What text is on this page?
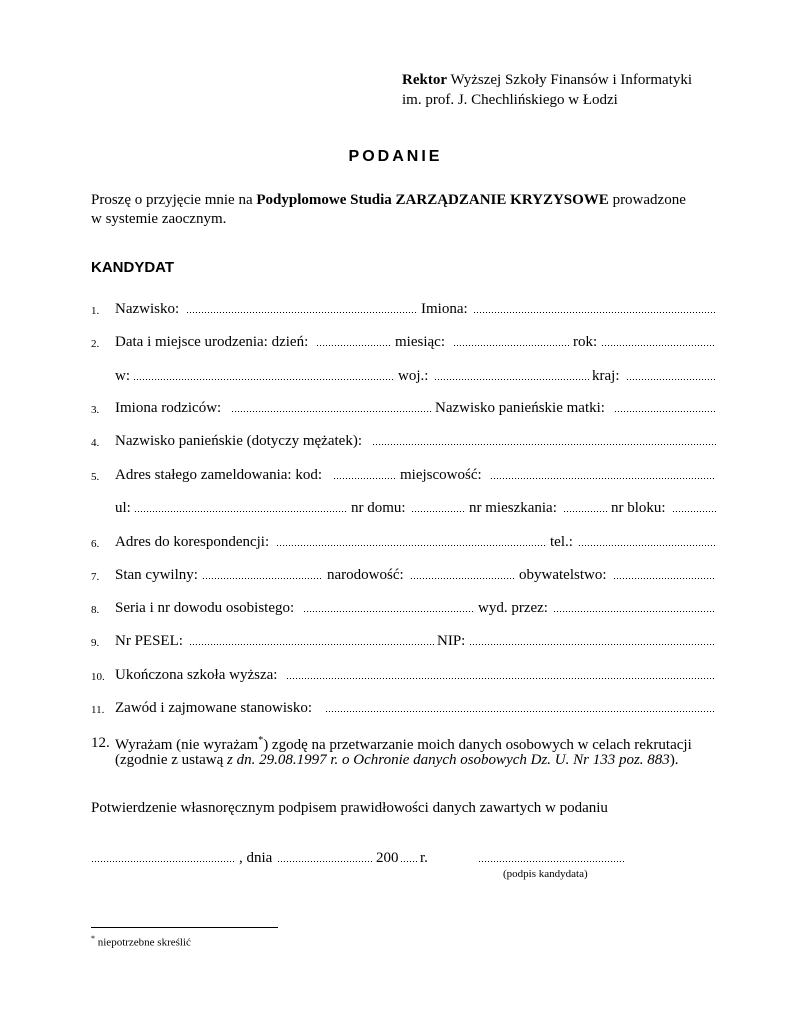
Rektor Wyższej Szkoły Finansów i Informatyki
im. prof. J. Chechlińskiego w Łodzi
PODANIE
Proszę o przyjęcie mnie na Podyplomowe Studia ZARZĄDZANIE KRYZYSOWE prowadzone
w systemie zaocznym.
KANDYDAT
1. Nazwisko:	Imiona:
2. Data i miejsce urodzenia: dzień:	miesiąc:	rok:
w:	woj.:	kraj:
3. Imiona rodziców:	Nazwisko panieńskie matki:
4. Nazwisko panieńskie (dotyczy mężatek):
5. Adres stałego zameldowania: kod:	miejscowość:
ul:	nr domu:	nr mieszkania:	nr bloku:
6. Adres do korespondencji:	tel.:
7. Stan cywilny:	narodowość:	obywatelstwo:
8. Seria i nr dowodu osobistego:	wyd. przez:
9. Nr PESEL:	NIP:
10. Ukończona szkoła wyższa:
11. Zawód i zajmowane stanowisko:
12. Wyrażam (nie wyrażam*) zgodę na przetwarzanie moich danych osobowych w celach rekrutacji
(zgodnie z ustawą z dn. 29.08.1997 r. o Ochronie danych osobowych Dz. U. Nr 133 poz. 883).
Potwierdzenie własnoręcznym podpisem prawidłowości danych zawartych w podaniu
, dnia	200 r.
(podpis kandydata)
* niepotrzebne skreślić
